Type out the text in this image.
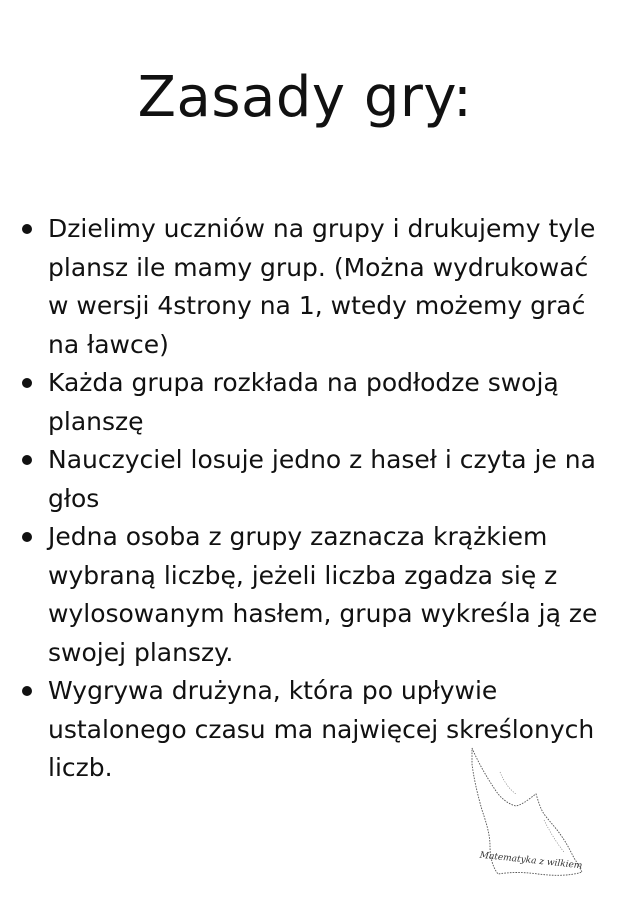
Zasady gry:
Dzielimy uczniów na grupy i drukujemy tyle plansz ile mamy grup. (Można wydrukować w wersji 4strony na 1, wtedy możemy grać na ławce)
Każda grupa rozkłada na podłodze swoją planszę
Nauczyciel losuje jedno z haseł i czyta je na głos
Jedna osoba z grupy zaznacza krążkiem wybraną liczbę, jeżeli liczba zgadza się z wylosowanym hasłem, grupa wykreśla ją ze swojej planszy.
Wygrywa drużyna, która po upływie ustalonego czasu ma najwięcej skreślonych liczb.
Matematyka z wilkiem
